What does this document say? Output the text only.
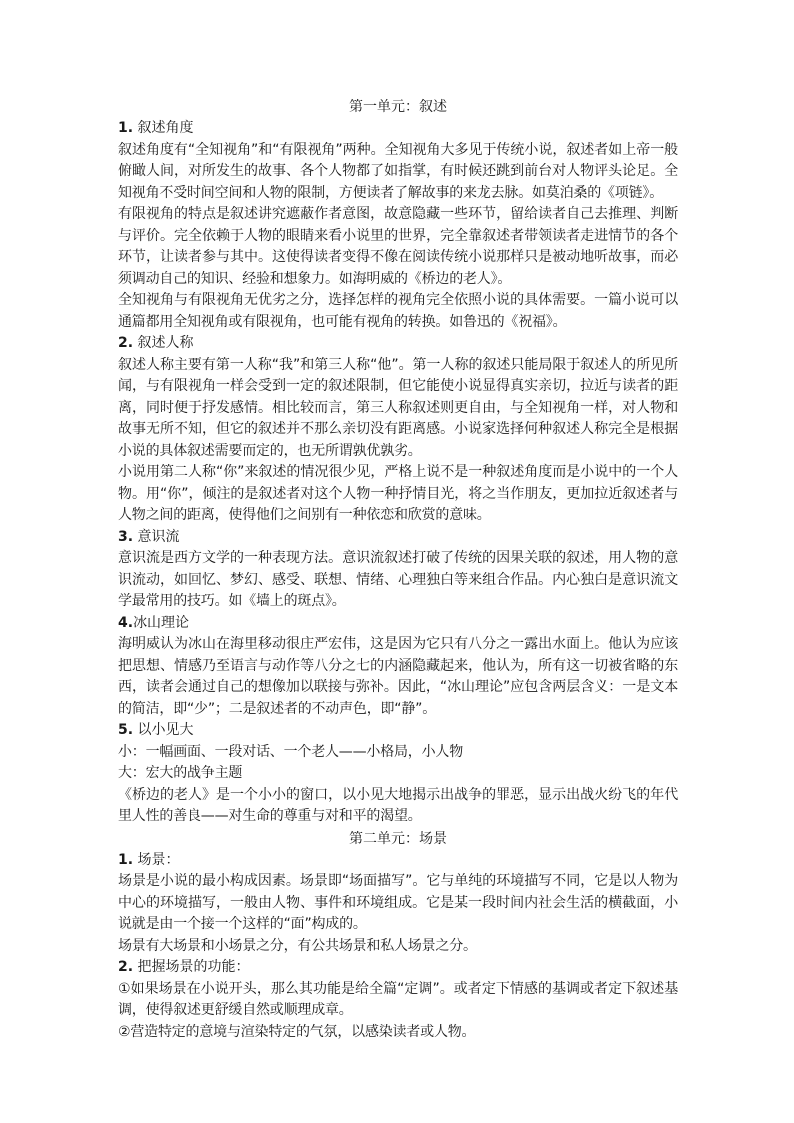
第一单元：叙述

1. 叙述角度

叙述角度有“全知视角”和“有限视角”两种。全知视角大多见于传统小说，叙述者如上帝一般俯瞰人间，对所发生的故事、各个人物都了如指掌，有时候还跳到前台对人物评头论足。全知视角不受时间空间和人物的限制，方便读者了解故事的来龙去脉。如莫泊桑的《项链》。

有限视角的特点是叙述讲究遮蔽作者意图，故意隐藏一些环节，留给读者自己去推理、判断与评价。完全依赖于人物的眼睛来看小说里的世界，完全靠叙述者带领读者走进情节的各个环节，让读者参与其中。这使得读者变得不像在阅读传统小说那样只是被动地听故事，而必须调动自己的知识、经验和想象力。如海明威的《桥边的老人》。

全知视角与有限视角无优劣之分，选择怎样的视角完全依照小说的具体需要。一篇小说可以通篇都用全知视角或有限视角，也可能有视角的转换。如鲁迅的《祝福》。

2. 叙述人称

叙述人称主要有第一人称“我”和第三人称“他”。第一人称的叙述只能局限于叙述人的所见所闻，与有限视角一样会受到一定的叙述限制，但它能使小说显得真实亲切，拉近与读者的距离，同时便于抒发感情。相比较而言，第三人称叙述则更自由，与全知视角一样，对人物和故事无所不知，但它的叙述并不那么亲切没有距离感。小说家选择何种叙述人称完全是根据小说的具体叙述需要而定的，也无所谓孰优孰劣。

小说用第二人称“你”来叙述的情况很少见，严格上说不是一种叙述角度而是小说中的一个人物。用“你”，倾注的是叙述者对这个人物一种抒情目光，将之当作朋友，更加拉近叙述者与人物之间的距离，使得他们之间别有一种依恋和欣赏的意味。

3. 意识流

意识流是西方文学的一种表现方法。意识流叙述打破了传统的因果关联的叙述，用人物的意识流动，如回忆、梦幻、感受、联想、情绪、心理独白等来组合作品。内心独白是意识流文学最常用的技巧。如《墙上的斑点》。

4.冰山理论

海明威认为冰山在海里移动很庄严宏伟，这是因为它只有八分之一露出水面上。他认为应该把思想、情感乃至语言与动作等八分之七的内涵隐藏起来，他认为，所有这一切被省略的东西，读者会通过自己的想像加以联接与弥补。因此，“冰山理论”应包含两层含义：一是文本的简洁，即“少”；二是叙述者的不动声色，即“静”。

5. 以小见大

小：一幅画面、一段对话、一个老人——小格局，小人物

大：宏大的战争主题

《桥边的老人》是一个小小的窗口，以小见大地揭示出战争的罪恶，显示出战火纷飞的年代里人性的善良——对生命的尊重与对和平的渴望。

第二单元：场景

1. 场景：

场景是小说的最小构成因素。场景即“场面描写”。它与单纯的环境描写不同，它是以人物为中心的环境描写，一般由人物、事件和环境组成。它是某一段时间内社会生活的横截面，小说就是由一个接一个这样的“面”构成的。

场景有大场景和小场景之分，有公共场景和私人场景之分。

2. 把握场景的功能：

①如果场景在小说开头，那么其功能是给全篇“定调”。或者定下情感的基调或者定下叙述基调，使得叙述更舒缓自然或顺理成章。

②营造特定的意境与渲染特定的气氛，以感染读者或人物。
